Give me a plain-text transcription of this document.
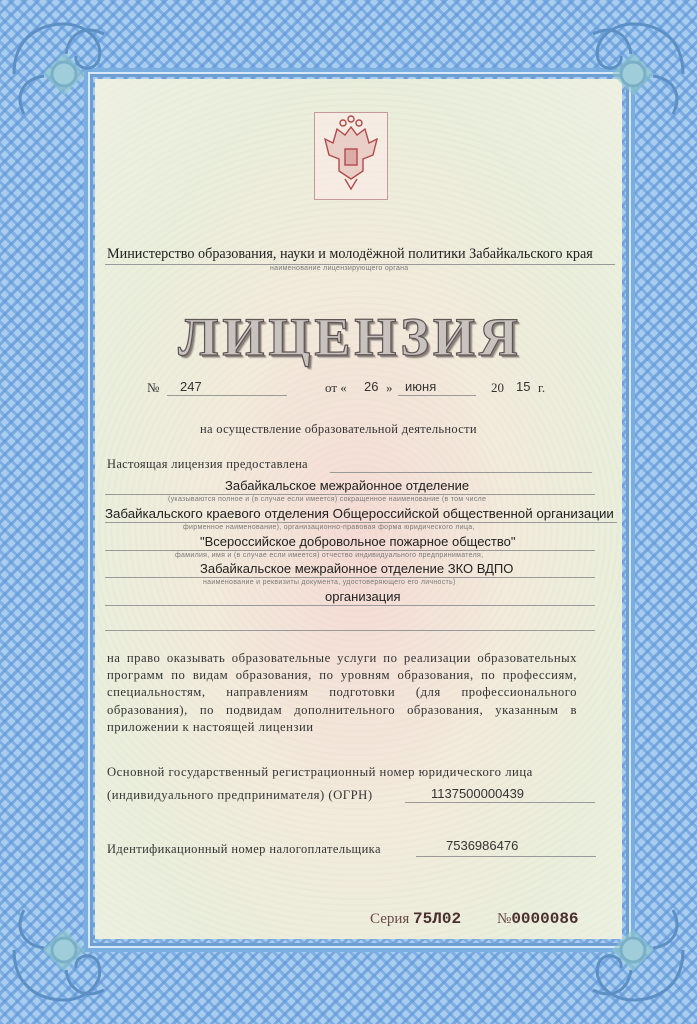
Министерство образования, науки и молодёжной политики Забайкальского края
наименование лицензирующего органа
ЛИЦЕНЗИЯ
№ 247	от « 26 » июня	20 15 г.
на осуществление образовательной деятельности
Настоящая лицензия предоставлена
Забайкальское межрайонное отделение
(указываются полное и (в случае если имеется) сокращенное наименование (в том числе
Забайкальского краевого отделения Общероссийской общественной организации
фирменное наименование), организационно-правовая форма юридического лица,
"Всероссийское добровольное пожарное общество"
фамилия, имя и (в случае если имеется) отчество индивидуального предпринимателя,
Забайкальское межрайонное отделение ЗКО ВДПО
наименование и реквизиты документа, удостоверяющего его личность)
организация
на право оказывать образовательные услуги по реализации образовательных программ по видам образования, по уровням образования, по профессиям, специальностям, направлениям подготовки (для профессионального образования), по подвидам дополнительного образования, указанным в приложении к настоящей лицензии
Основной государственный регистрационный номер юридического лица
(индивидуального предпринимателя) (ОГРН)	1137500000439
Идентификационный номер налогоплательщика	7536986476
Серия 75Л02 №0000086
